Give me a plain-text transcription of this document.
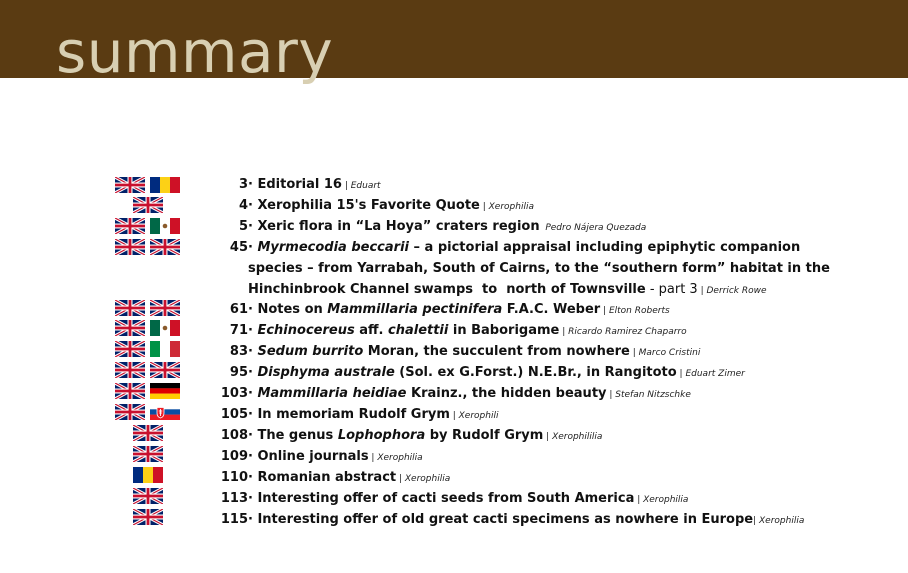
summary
3 · Editorial 16 | Eduart
4 · Xerophilia 15's Favorite Quote | Xerophilia
5 · Xeric flora in “La Hoya” craters region Pedro Nájera Quezada
45 · Myrmecodia beccarii – a pictorial appraisal including epiphytic companion
species – from Yarrabah, South of Cairns, to the “southern form” habitat in the
Hinchinbrook Channel swamps  to  north of Townsville - part 3 | Derrick Rowe
61 · Notes on Mammillaria pectinifera F.A.C. Weber | Elton Roberts
71 · Echinocereus aff. chalettii in Baborigame | Ricardo Ramirez Chaparro
83 · Sedum burrito Moran, the succulent from nowhere | Marco Cristini
95 · Disphyma australe (Sol. ex G.Forst.) N.E.Br., in Rangitoto | Eduart Zimer
103 · Mammillaria heidiae Krainz., the hidden beauty | Stefan Nitzschke
105 · In memoriam Rudolf Grym | Xerophili
108 · The genus Lophophora by Rudolf Grym | Xerophililia
109 · Online journals | Xerophilia
110 · Romanian abstract | Xerophilia
113 · Interesting offer of cacti seeds from South America | Xerophilia
115 · Interesting offer of old great cacti specimens as nowhere in Europe| Xerophilia
